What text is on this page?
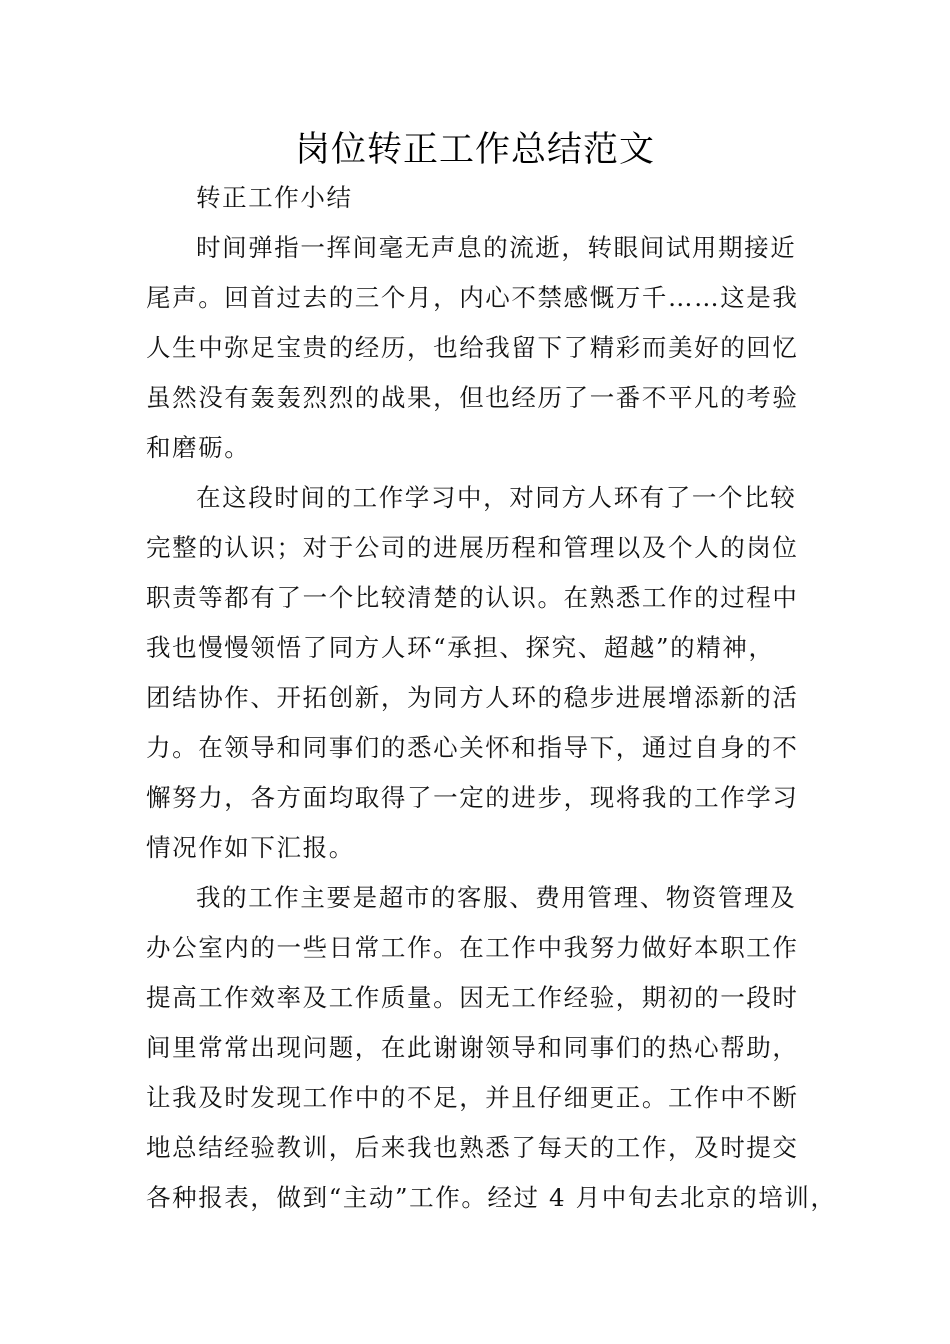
岗位转正工作总结范文
转正工作小结
时间弹指一挥间毫无声息的流逝，转眼间试用期接近
尾声。回首过去的三个月，内心不禁感慨万千……这是我
人生中弥足宝贵的经历，也给我留下了精彩而美好的回忆
虽然没有轰轰烈烈的战果，但也经历了一番不平凡的考验
和磨砺。
在这段时间的工作学习中，对同方人环有了一个比较
完整的认识；对于公司的进展历程和管理以及个人的岗位
职责等都有了一个比较清楚的认识。在熟悉工作的过程中
我也慢慢领悟了同方人环“承担、探究、超越”的精神，
团结协作、开拓创新，为同方人环的稳步进展增添新的活
力。在领导和同事们的悉心关怀和指导下，通过自身的不
懈努力，各方面均取得了一定的进步，现将我的工作学习
情况作如下汇报。
我的工作主要是超市的客服、费用管理、物资管理及
办公室内的一些日常工作。在工作中我努力做好本职工作
提高工作效率及工作质量。因无工作经验，期初的一段时
间里常常出现问题，在此谢谢领导和同事们的热心帮助，
让我及时发现工作中的不足，并且仔细更正。工作中不断
地总结经验教训，后来我也熟悉了每天的工作，及时提交
各种报表，做到“主动”工作。经过 4 月中旬去北京的培训，
